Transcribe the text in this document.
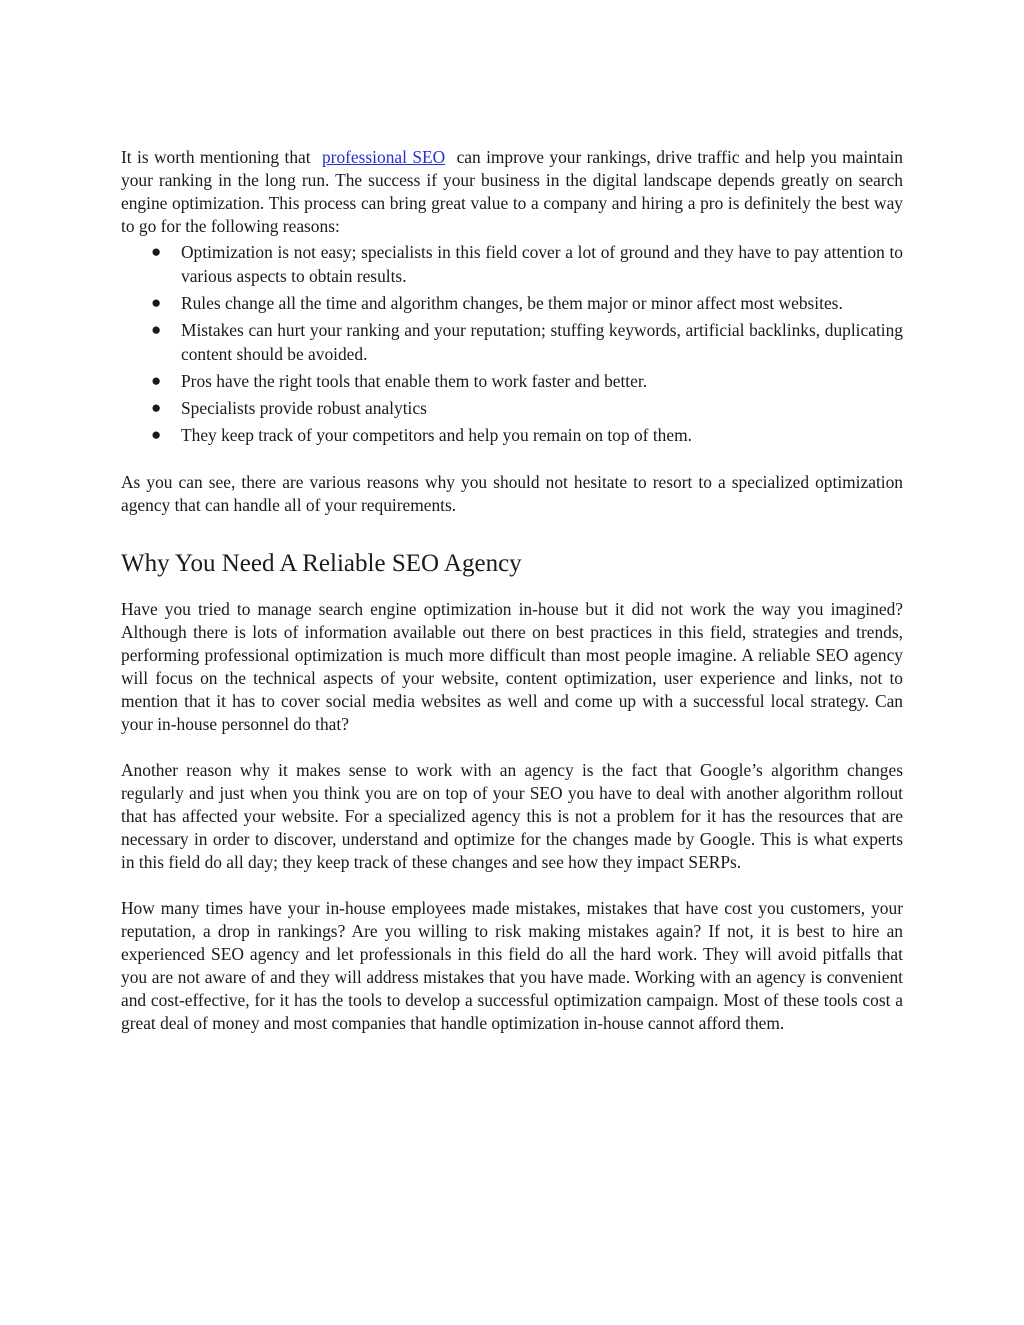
It is worth mentioning that professional SEO can improve your rankings, drive traffic and help you maintain your ranking in the long run. The success if your business in the digital landscape depends greatly on search engine optimization. This process can bring great value to a company and hiring a pro is definitely the best way to go for the following reasons:

● Optimization is not easy; specialists in this field cover a lot of ground and they have to pay attention to various aspects to obtain results.
● Rules change all the time and algorithm changes, be them major or minor affect most websites.
● Mistakes can hurt your ranking and your reputation; stuffing keywords, artificial backlinks, duplicating content should be avoided.
● Pros have the right tools that enable them to work faster and better.
● Specialists provide robust analytics
● They keep track of your competitors and help you remain on top of them.

As you can see, there are various reasons why you should not hesitate to resort to a specialized optimization agency that can handle all of your requirements.

Why You Need A Reliable SEO Agency

Have you tried to manage search engine optimization in-house but it did not work the way you imagined? Although there is lots of information available out there on best practices in this field, strategies and trends, performing professional optimization is much more difficult than most people imagine. A reliable SEO agency will focus on the technical aspects of your website, content optimization, user experience and links, not to mention that it has to cover social media websites as well and come up with a successful local strategy. Can your in-house personnel do that?

Another reason why it makes sense to work with an agency is the fact that Google’s algorithm changes regularly and just when you think you are on top of your SEO you have to deal with another algorithm rollout that has affected your website. For a specialized agency this is not a problem for it has the resources that are necessary in order to discover, understand and optimize for the changes made by Google. This is what experts in this field do all day; they keep track of these changes and see how they impact SERPs.

How many times have your in-house employees made mistakes, mistakes that have cost you customers, your reputation, a drop in rankings? Are you willing to risk making mistakes again? If not, it is best to hire an experienced SEO agency and let professionals in this field do all the hard work. They will avoid pitfalls that you are not aware of and they will address mistakes that you have made. Working with an agency is convenient and cost-effective, for it has the tools to develop a successful optimization campaign. Most of these tools cost a great deal of money and most companies that handle optimization in-house cannot afford them.
